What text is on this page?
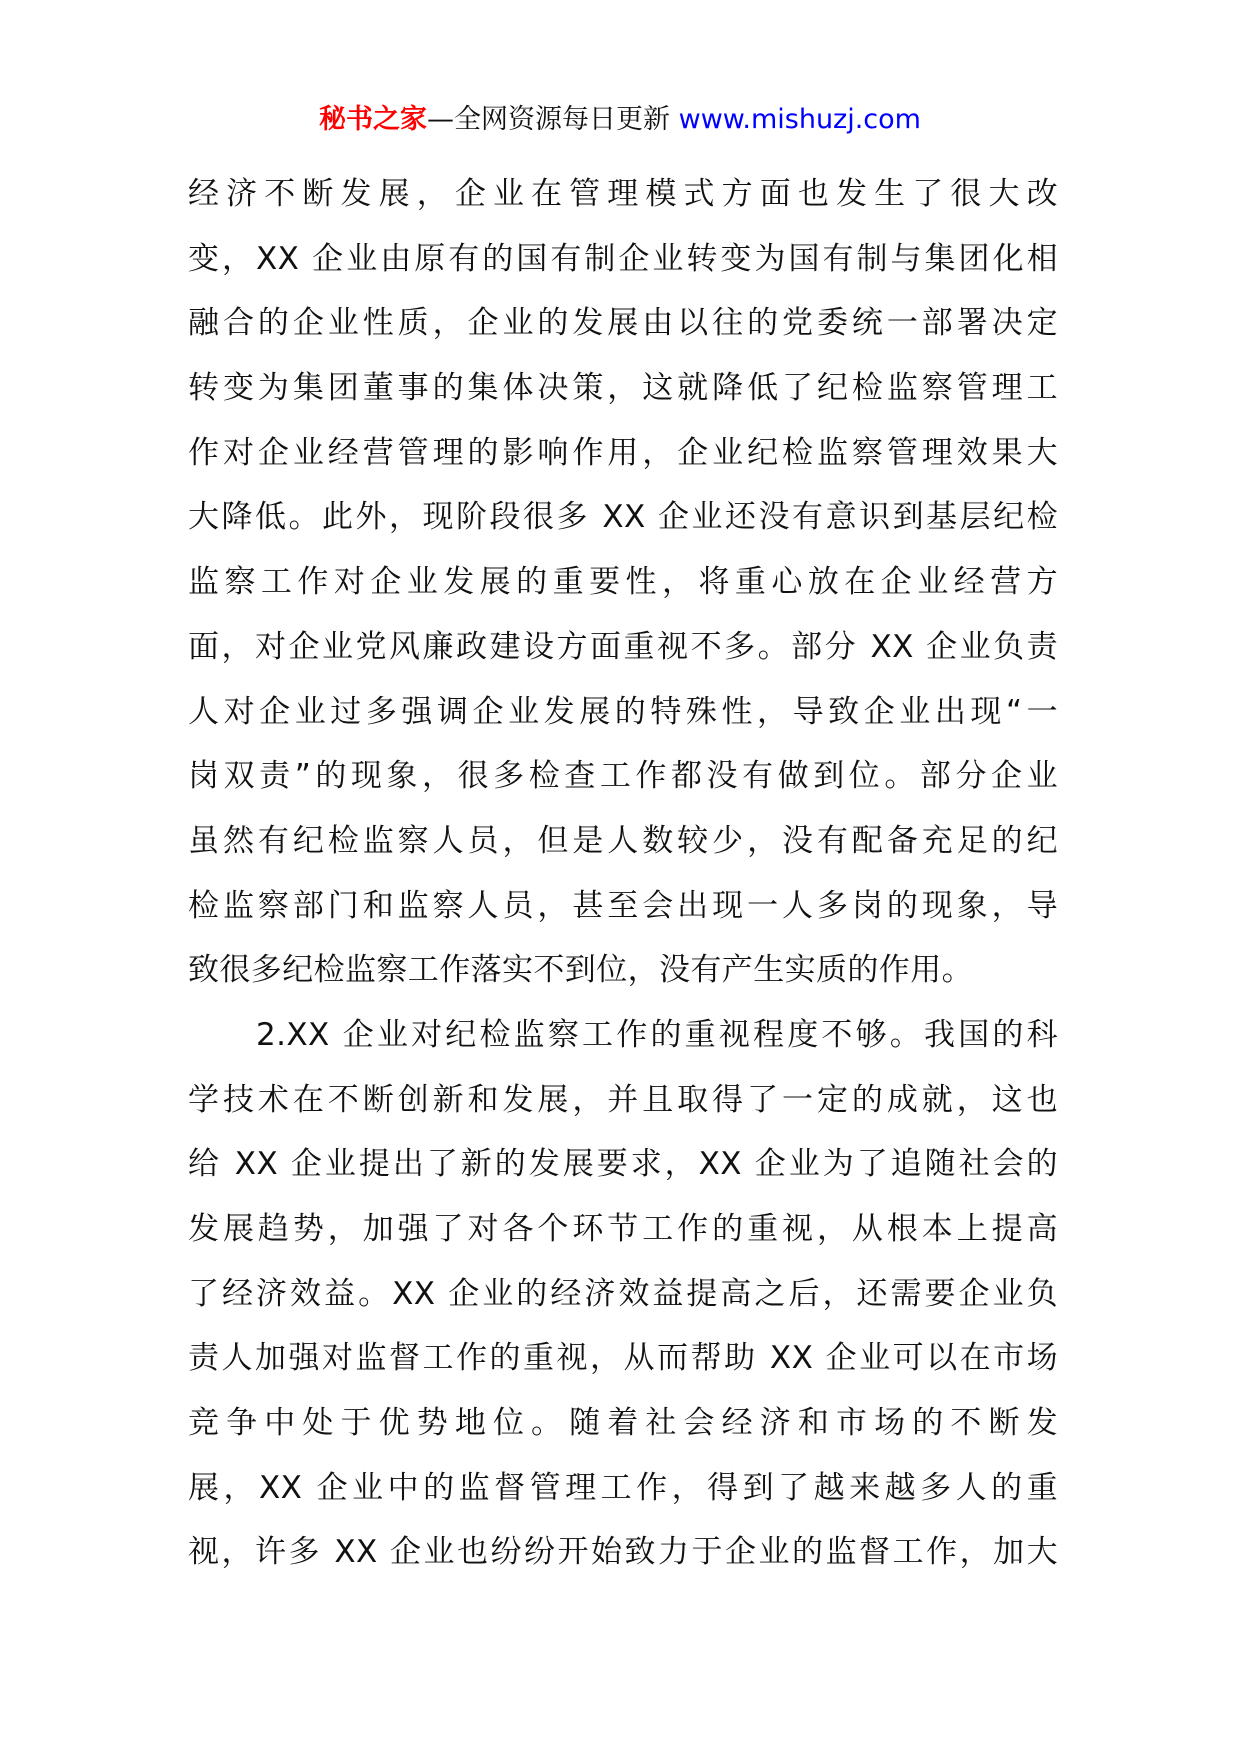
秘书之家—全网资源每日更新 www.mishuzj.com
经济不断发展，企业在管理模式方面也发生了很大改
变，XX 企业由原有的国有制企业转变为国有制与集团化相
融合的企业性质，企业的发展由以往的党委统一部署决定
转变为集团董事的集体决策，这就降低了纪检监察管理工
作对企业经营管理的影响作用，企业纪检监察管理效果大
大降低。此外，现阶段很多 XX 企业还没有意识到基层纪检
监察工作对企业发展的重要性，将重心放在企业经营方
面，对企业党风廉政建设方面重视不多。部分 XX 企业负责
人对企业过多强调企业发展的特殊性，导致企业出现“一
岗双责”的现象，很多检查工作都没有做到位。部分企业
虽然有纪检监察人员，但是人数较少，没有配备充足的纪
检监察部门和监察人员，甚至会出现一人多岗的现象，导
致很多纪检监察工作落实不到位，没有产生实质的作用。
2.XX 企业对纪检监察工作的重视程度不够。我国的科
学技术在不断创新和发展，并且取得了一定的成就，这也
给 XX 企业提出了新的发展要求，XX 企业为了追随社会的
发展趋势，加强了对各个环节工作的重视，从根本上提高
了经济效益。XX 企业的经济效益提高之后，还需要企业负
责人加强对监督工作的重视，从而帮助 XX 企业可以在市场
竞争中处于优势地位。随着社会经济和市场的不断发
展，XX 企业中的监督管理工作，得到了越来越多人的重
视，许多 XX 企业也纷纷开始致力于企业的监督工作，加大
